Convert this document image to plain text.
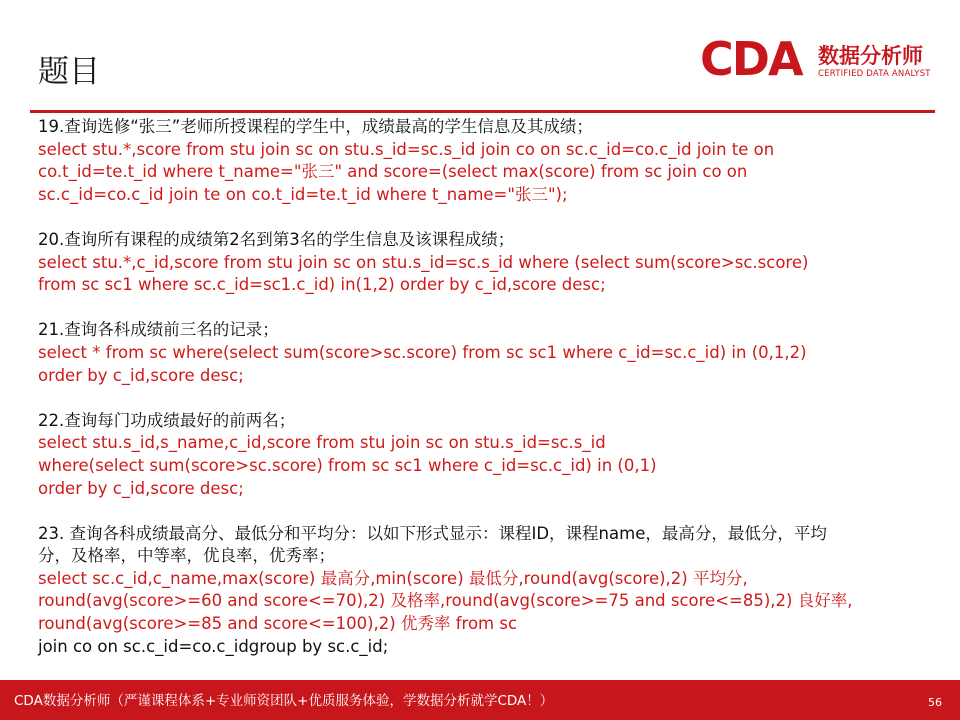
题目	CDA 数据分析师
CERTIFIED DATA ANALYST
19.查询选修“张三”老师所授课程的学生中，成绩最高的学生信息及其成绩；
select stu.*,score from stu join sc on stu.s_id=sc.s_id join co on sc.c_id=co.c_id join te on
co.t_id=te.t_id where t_name="张三" and score=(select max(score) from sc join co on
sc.c_id=co.c_id join te on co.t_id=te.t_id where t_name="张三");
20.查询所有课程的成绩第2名到第3名的学生信息及该课程成绩；
select stu.*,c_id,score from stu join sc on stu.s_id=sc.s_id where (select sum(score>sc.score)
from sc sc1 where sc.c_id=sc1.c_id) in(1,2) order by c_id,score desc;
21.查询各科成绩前三名的记录；
select * from sc where(select sum(score>sc.score) from sc sc1 where c_id=sc.c_id) in (0,1,2)
order by c_id,score desc;
22.查询每门功成绩最好的前两名；
select stu.s_id,s_name,c_id,score from stu join sc on stu.s_id=sc.s_id
where(select sum(score>sc.score) from sc sc1 where c_id=sc.c_id) in (0,1)
order by c_id,score desc;
23. 查询各科成绩最高分、最低分和平均分：以如下形式显示：课程ID，课程name，最高分，最低分，平均
分，及格率，中等率，优良率，优秀率；
select sc.c_id,c_name,max(score) 最高分,min(score) 最低分,round(avg(score),2) 平均分,
round(avg(score>=60 and score<=70),2) 及格率,round(avg(score>=75 and score<=85),2) 良好率,
round(avg(score>=85 and score<=100),2) 优秀率 from sc
join co on sc.c_id=co.c_idgroup by sc.c_id;
CDA数据分析师（严谨课程体系+专业师资团队+优质服务体验，学数据分析就学CDA！）	56
